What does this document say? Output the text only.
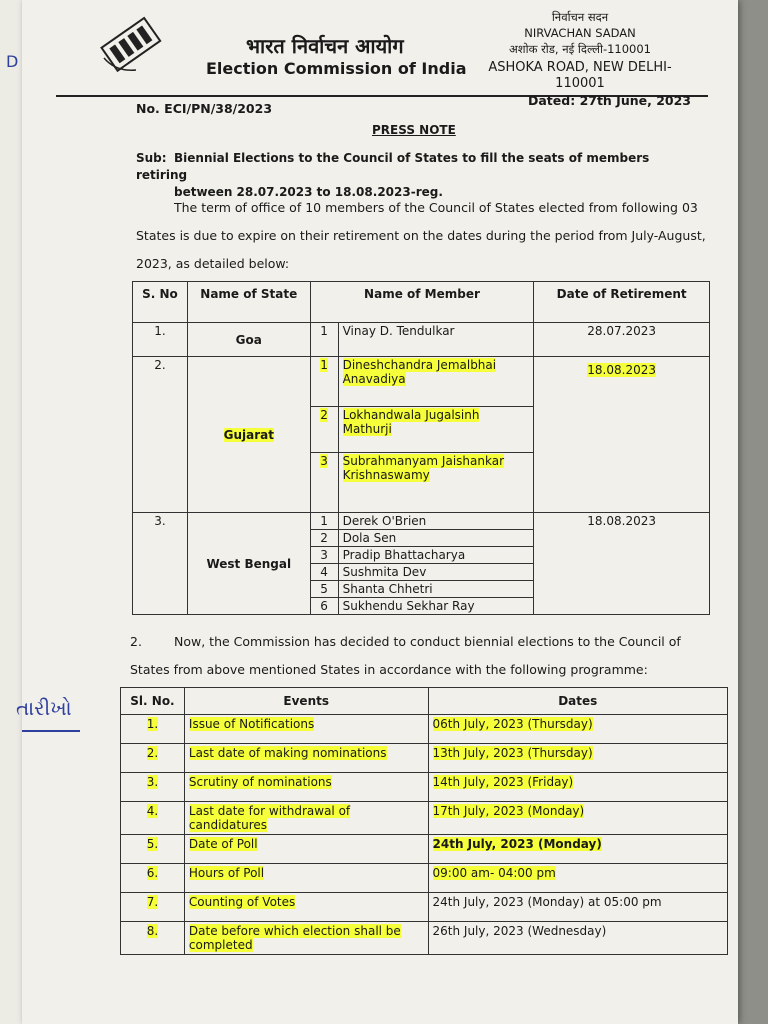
D
તારીખો
भारत निर्वाचन आयोग
Election Commission of India
निर्वाचन सदन
NIRVACHAN SADAN
अशोक रोड, नई दिल्ली-110001
ASHOKA ROAD, NEW DELHI-110001
No. ECI/PN/38/2023
Dated: 27th June, 2023
PRESS NOTE
Sub: Biennial Elections to the Council of States to fill the seats of members retiring
between 28.07.2023 to 18.08.2023-reg.
The term of office of 10 members of the Council of States elected from following 03
States is due to expire on their retirement on the dates during the period from July-August,
2023, as detailed below:
S. No	Name of State	Name of Member		Date of Retirement
1.	Goa	1	Vinay D. Tendulkar	28.07.2023
2.	Gujarat	1	Dineshchandra Jemalbhai Anavadiya	18.08.2023
		2	Lokhandwala Jugalsinh Mathurji	
		3	Subrahmanyam Jaishankar Krishnaswamy	
3.	West Bengal	1	Derek O'Brien	18.08.2023
		2	Dola Sen	
		3	Pradip Bhattacharya	
		4	Sushmita Dev	
		5	Shanta Chhetri	
		6	Sukhendu Sekhar Ray	
2.	Now, the Commission has decided to conduct biennial elections to the Council of
States from above mentioned States in accordance with the following programme:
Sl. No.	Events	Dates
1.	Issue of Notifications	06th July, 2023 (Thursday)
2.	Last date of making nominations	13th July, 2023 (Thursday)
3.	Scrutiny of nominations	14th July, 2023 (Friday)
4.	Last date for withdrawal of candidatures	17th July, 2023 (Monday)
5.	Date of Poll	24th July, 2023 (Monday)
6.	Hours of Poll	09:00 am- 04:00 pm
7.	Counting of Votes	24th July, 2023 (Monday) at 05:00 pm
8.	Date before which election shall be completed	26th July, 2023 (Wednesday)
